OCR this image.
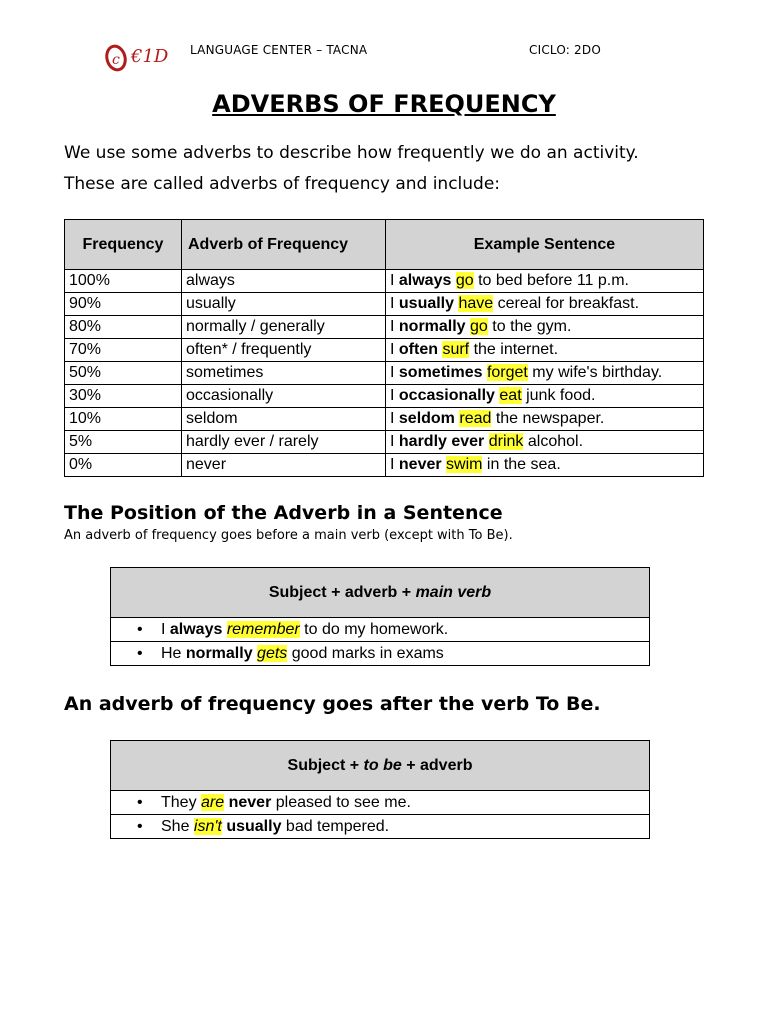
c €1D LANGUAGE CENTER – TACNA	CICLO: 2DO
ADVERBS OF FREQUENCY
We use some adverbs to describe how frequently we do an activity.
These are called adverbs of frequency and include:
Frequency	Adverb of Frequency	Example Sentence
100%	always	I always go to bed before 11 p.m.
90%	usually	I usually have cereal for breakfast.
80%	normally / generally	I normally go to the gym.
70%	often* / frequently	I often surf the internet.
50%	sometimes	I sometimes forget my wife's birthday.
30%	occasionally	I occasionally eat junk food.
10%	seldom	I seldom read the newspaper.
5%	hardly ever / rarely	I hardly ever drink alcohol.
0%	never	I never swim in the sea.
The Position of the Adverb in a Sentence
An adverb of frequency goes before a main verb (except with To Be).
Subject + adverb + main verb
• I always remember to do my homework.
• He normally gets good marks in exams
An adverb of frequency goes after the verb To Be.
Subject + to be + adverb
• They are never pleased to see me.
• She isn't usually bad tempered.
